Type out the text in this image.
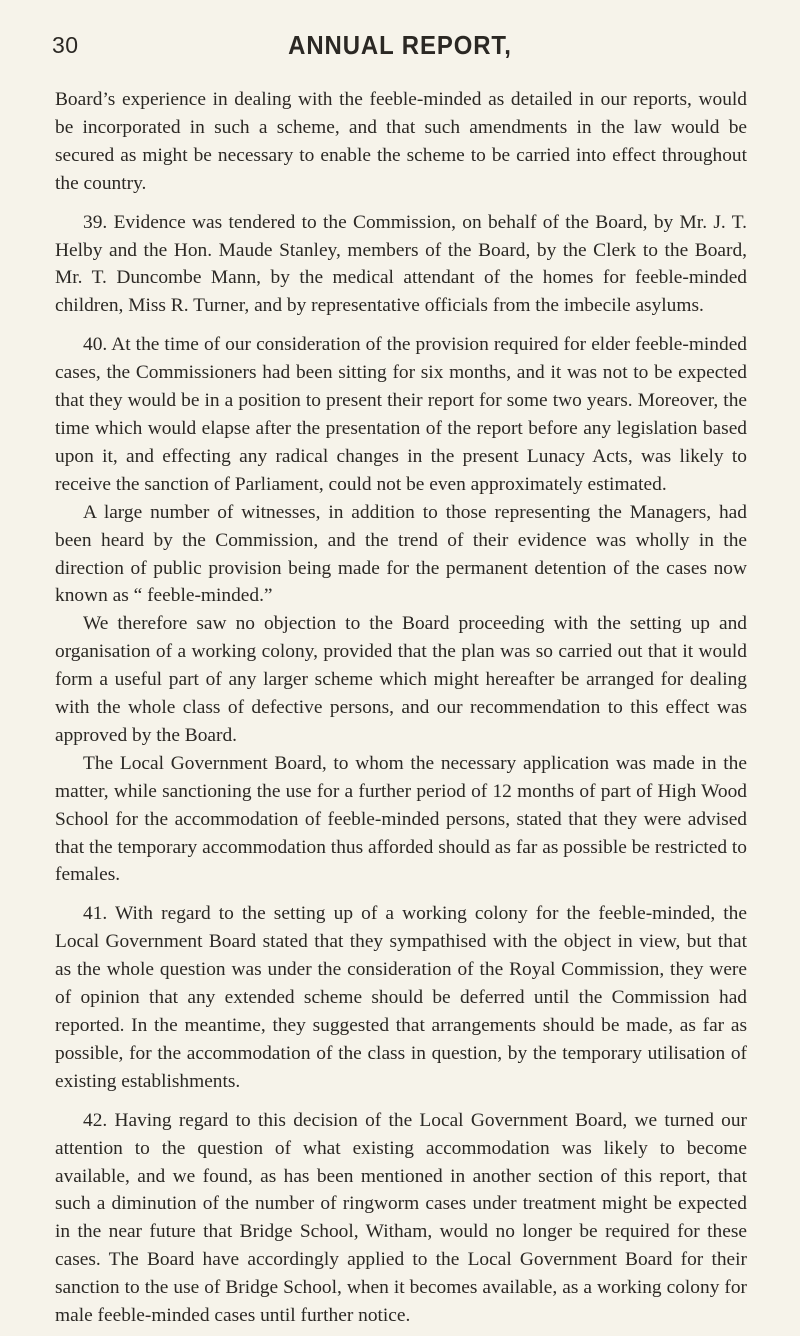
30	ANNUAL REPORT,

Board’s experience in dealing with the feeble-minded as detailed in our reports, would be incorporated in such a scheme, and that such amendments in the law would be secured as might be necessary to enable the scheme to be carried into effect throughout the country.

39. Evidence was tendered to the Commission, on behalf of the Board, by Mr. J. T. Helby and the Hon. Maude Stanley, members of the Board, by the Clerk to the Board, Mr. T. Duncombe Mann, by the medical attendant of the homes for feeble-minded children, Miss R. Turner, and by representative officials from the imbecile asylums.

40. At the time of our consideration of the provision required for elder feeble-minded cases, the Commissioners had been sitting for six months, and it was not to be expected that they would be in a position to present their report for some two years. Moreover, the time which would elapse after the presentation of the report before any legislation based upon it, and effecting any radical changes in the present Lunacy Acts, was likely to receive the sanction of Parliament, could not be even approximately estimated.

A large number of witnesses, in addition to those representing the Managers, had been heard by the Commission, and the trend of their evidence was wholly in the direction of public provision being made for the permanent detention of the cases now known as “ feeble-minded.”

We therefore saw no objection to the Board proceeding with the setting up and organisation of a working colony, provided that the plan was so carried out that it would form a useful part of any larger scheme which might hereafter be arranged for dealing with the whole class of defective persons, and our recommendation to this effect was approved by the Board.

The Local Government Board, to whom the necessary application was made in the matter, while sanctioning the use for a further period of 12 months of part of High Wood School for the accommodation of feeble-minded persons, stated that they were advised that the temporary accommodation thus afforded should as far as possible be restricted to females.

41. With regard to the setting up of a working colony for the feeble-minded, the Local Government Board stated that they sympathised with the object in view, but that as the whole question was under the consideration of the Royal Commission, they were of opinion that any extended scheme should be deferred until the Commission had reported. In the meantime, they suggested that arrangements should be made, as far as possible, for the accommodation of the class in question, by the temporary utilisation of existing establishments.

42. Having regard to this decision of the Local Government Board, we turned our attention to the question of what existing accommodation was likely to become available, and we found, as has been mentioned in another section of this report, that such a diminution of the number of ringworm cases under treatment might be expected in the near future that Bridge School, Witham, would no longer be required for these cases. The Board have accordingly applied to the Local Government Board for their sanction to the use of Bridge School, when it becomes available, as a working colony for male feeble-minded cases until further notice.
